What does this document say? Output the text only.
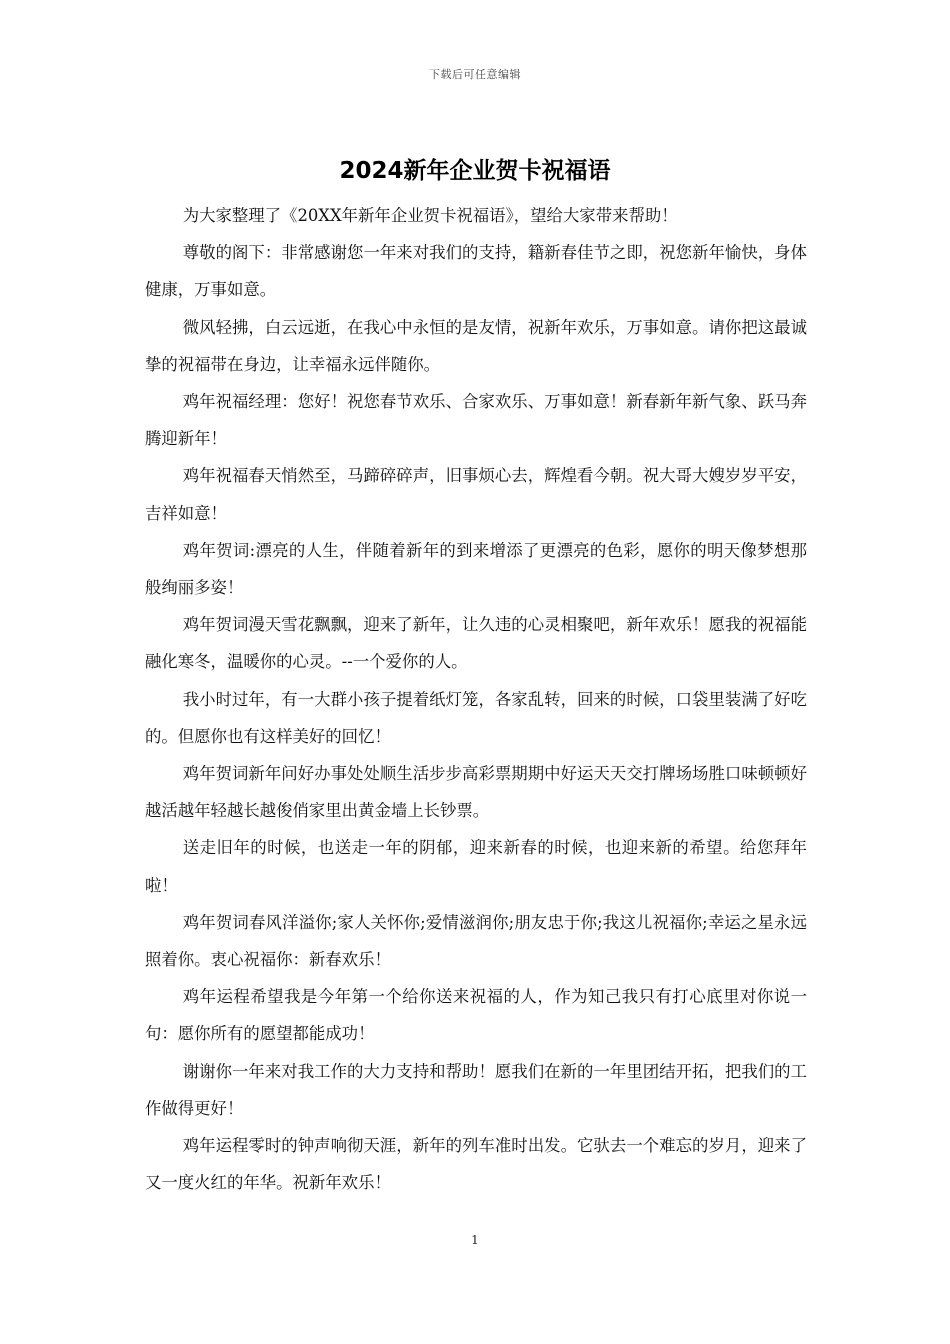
下载后可任意编辑
2024新年企业贺卡祝福语

为大家整理了《20XX年新年企业贺卡祝福语》，望给大家带来帮助！

尊敬的阁下：非常感谢您一年来对我们的支持，籍新春佳节之即，祝您新年愉快，身体健康，万事如意。

微风轻拂，白云远逝，在我心中永恒的是友情，祝新年欢乐，万事如意。请你把这最诚挚的祝福带在身边，让幸福永远伴随你。

鸡年祝福经理：您好！祝您春节欢乐、合家欢乐、万事如意！新春新年新气象、跃马奔腾迎新年！

鸡年祝福春天悄然至，马蹄碎碎声，旧事烦心去，辉煌看今朝。祝大哥大嫂岁岁平安，吉祥如意！

鸡年贺词:漂亮的人生，伴随着新年的到来增添了更漂亮的色彩，愿你的明天像梦想那般绚丽多姿！

鸡年贺词漫天雪花飘飘，迎来了新年，让久违的心灵相聚吧，新年欢乐！愿我的祝福能融化寒冬，温暖你的心灵。--一个爱你的人。

我小时过年，有一大群小孩子提着纸灯笼，各家乱转，回来的时候，口袋里装满了好吃的。但愿你也有这样美好的回忆！

鸡年贺词新年问好办事处处顺生活步步高彩票期期中好运天天交打牌场场胜口味顿顿好越活越年轻越长越俊俏家里出黄金墙上长钞票。

送走旧年的时候，也送走一年的阴郁，迎来新春的时候，也迎来新的希望。给您拜年啦！

鸡年贺词春风洋溢你;家人关怀你;爱情滋润你;朋友忠于你;我这儿祝福你;幸运之星永远照着你。衷心祝福你：新春欢乐！

鸡年运程希望我是今年第一个给你送来祝福的人，作为知己我只有打心底里对你说一句：愿你所有的愿望都能成功！

谢谢你一年来对我工作的大力支持和帮助！愿我们在新的一年里团结开拓，把我们的工作做得更好！

鸡年运程零时的钟声响彻天涯，新年的列车准时出发。它驮去一个难忘的岁月，迎来了又一度火红的年华。祝新年欢乐！

1
